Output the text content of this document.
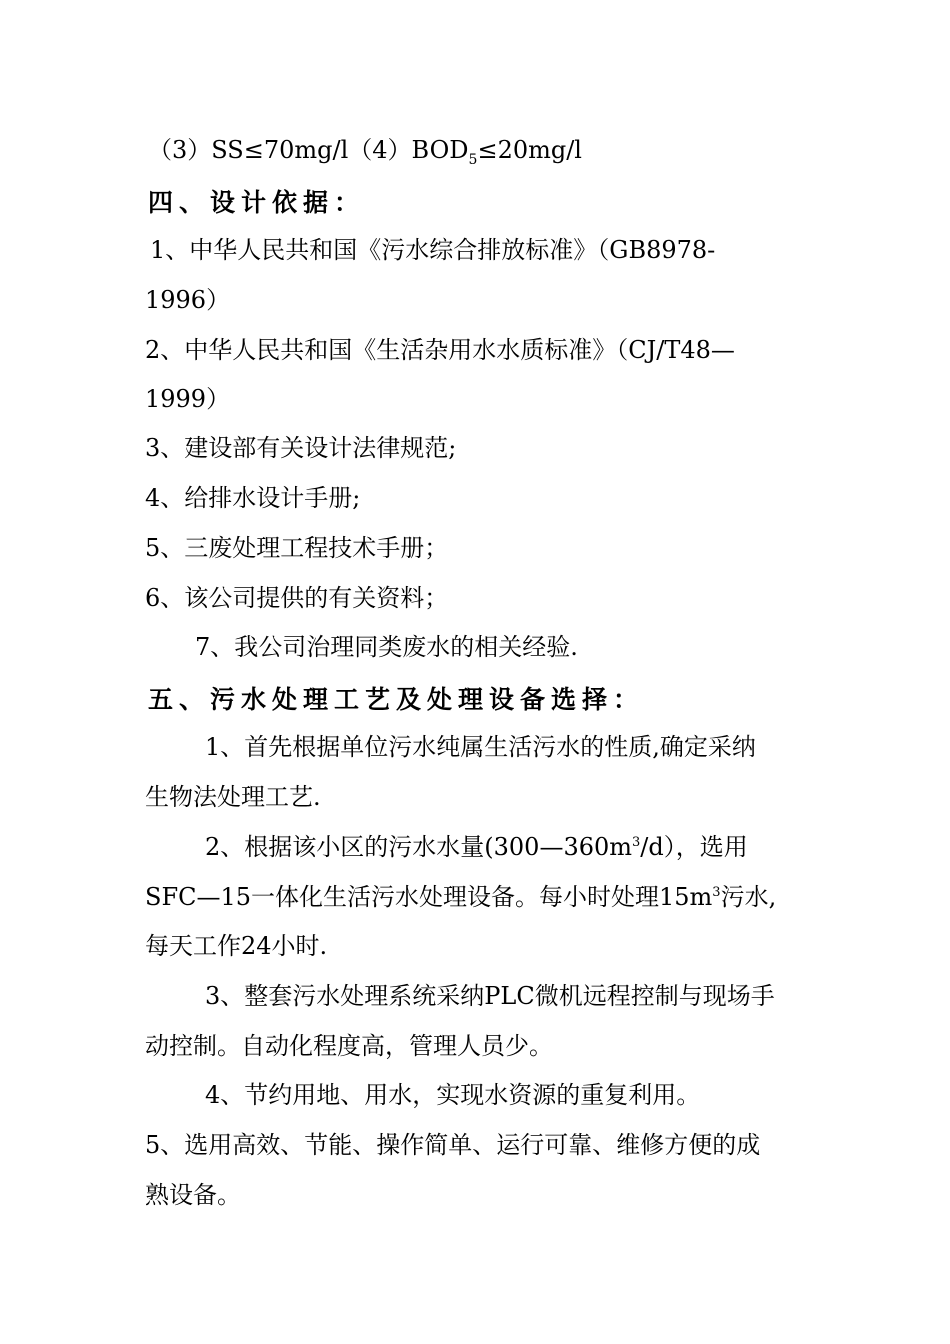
$(3)SS\le 70mg/l(4)BOD_5\le 20mg/l$
四、设计依据：
1、中华人民共和国《污水综合排放标准》（GB8978-
1996）
2、中华人民共和国《生活杂用水水质标准》（CJ/T48—
1999）
3、建设部有关设计法律规范;
4、给排水设计手册;
5、三废处理工程技术手册；
6、该公司提供的有关资料；
7、我公司治理同类废水的相关经验.
五、污水处理工艺及处理设备选择：
1、首先根据单位污水纯属生活污水的性质,确定采纳
生物法处理工艺.
2、根据该小区的污水水量$(300—360m^3/d)$，选用
SFC—15一体化生活污水处理设备。每小时处理$15m^3$污水,
每天工作24小时.
3、整套污水处理系统采纳PLC微机远程控制与现场手
动控制。自动化程度高，管理人员少。
4、节约用地、用水，实现水资源的重复利用。
5、选用高效、节能、操作简单、运行可靠、维修方便的成
熟设备。
